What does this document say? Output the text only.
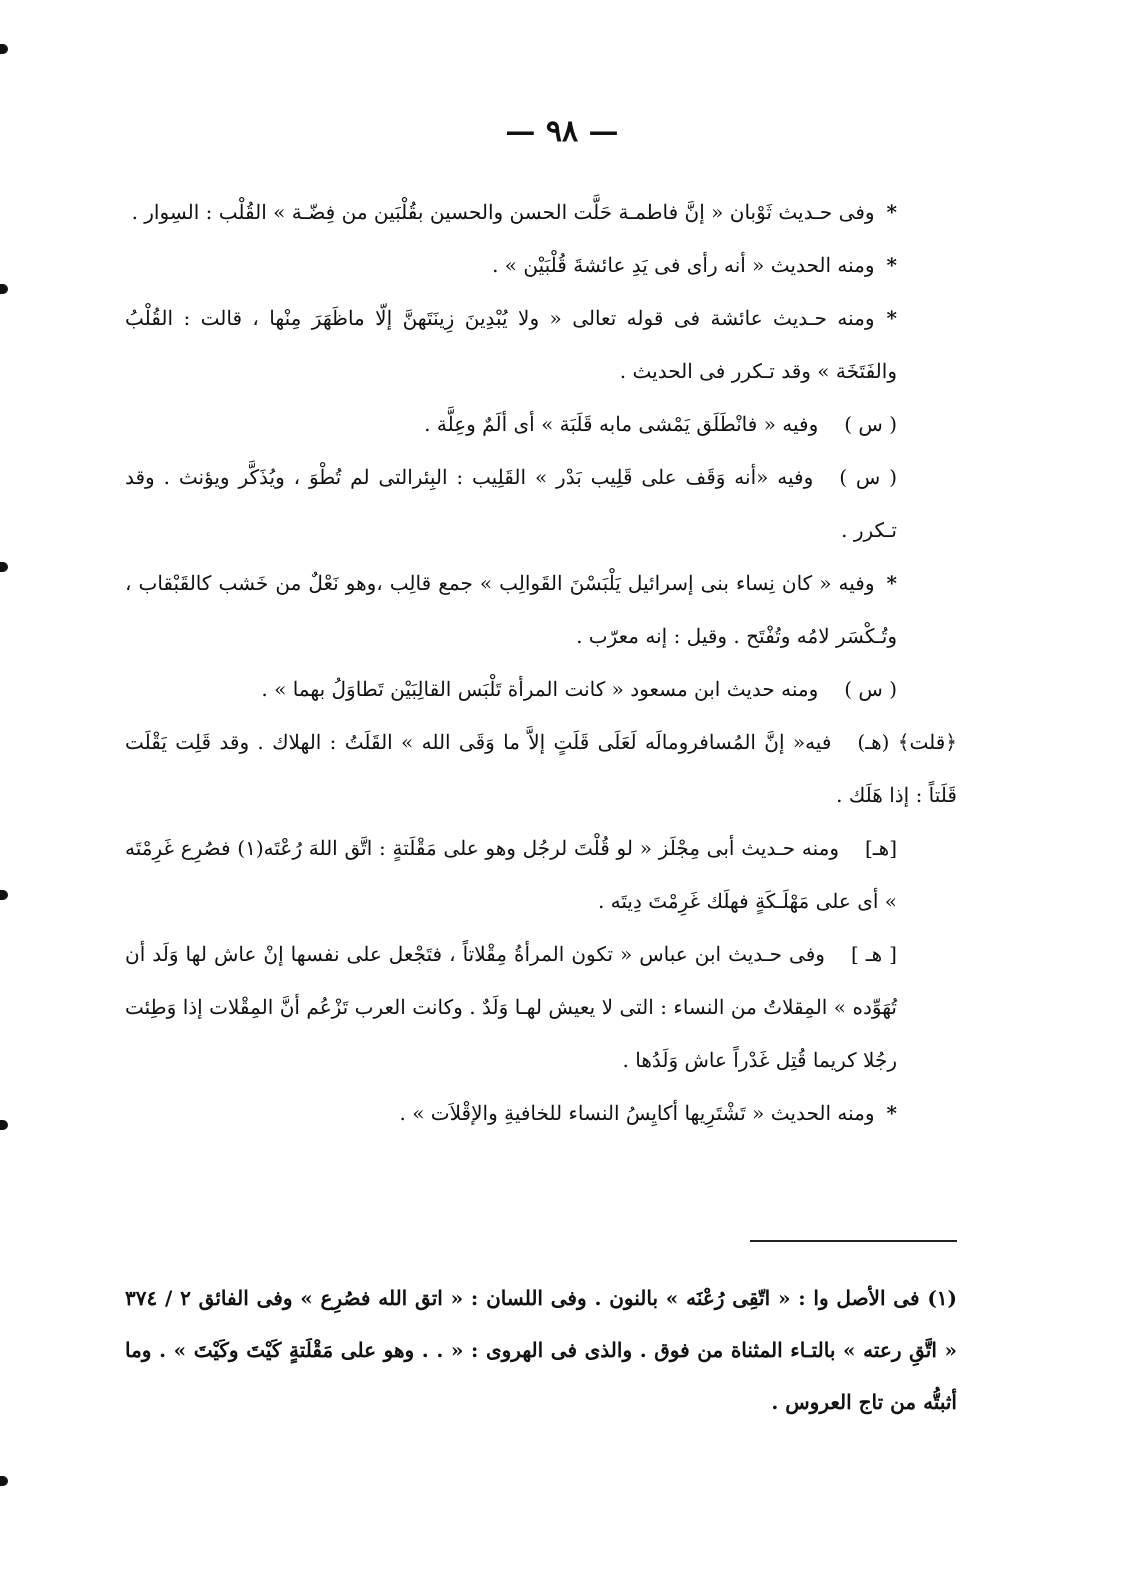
— ٩٨ —

*وفى حـديث ثَوْبان « إنَّ فاطمـة حَلَّت الحسن والحسين بقُلْبَين من فِضّـة » القُلْب : السِوار .

*ومنه الحديث « أنه رأى فى يَدِ عائشةَ قُلْبَيْن » .

*ومنه حـديث عائشة فى قوله تعالى « ولا يُبْدِينَ زِينَتَهنَّ إلّا ماظَهَرَ مِنْها ، قالت : القُلْبُ والفَتَخَة » وقد تـكرر فى الحديث .

( س )وفيه « فانْطَلَق يَمْشى مابه قَلَبَة » أى ألَمٌ وعِلَّة .

( س )وفيه «أنه وَقَف على قَلِيب بَدْر » القَلِيب : البِئرالتى لم تُطْوَ ، ويُذَكَّر ويؤنث . وقد تـكرر .

*وفيه « كان نِساء بنى إسرائيل يَلْبَسْنَ القَوالِب » جمع قالِب ،وهو نَعْلٌ من خَشب كالقَبْقاب ، وتُـكْسَر لامُه وتُفْتَح . وقيل : إنه معرّب .

( س )ومنه حديث ابن مسعود « كانت المرأة تَلْبَس القالِبَيْن تَطاوَلُ بهما » .

﴿قلت﴾ (هـ)فيه« إنَّ المُسافرومالَه لَعَلَى قَلَتٍ إلاَّ ما وَقَى الله » القَلَتُ : الهلاك . وقد قَلِت يَقْلَت قَلَتاً : إذا هَلَك .

[هـ]ومنه حـديث أبى مِجْلَز « لو قُلْتَ لرجُل وهو على مَقْلَتةٍ : اتَّق اللهَ رُعْتَه(١) فصُرِع غَرِمْتَه » أى على مَهْلَـكَةٍ فهلَك غَرِمْتَ دِيتَه .

[ هـ ]وفى حـديث ابن عباس « تكون المرأةُ مِقْلاتاً ، فتَجْعل على نفسها إنْ عاش لها وَلَد أن تُهَوِّده » المِقلاتُ من النساء : التى لا يعيش لهـا وَلَدٌ . وكانت العرب تَزْعُم أنَّ المِقْلات إذا وَطِئت رجُلا كريما قُتِل غَدْراً عاش وَلَدُها .

*ومنه الحديث « تَشْتَرِيها أكايِسُ النساء للخافيةِ والإقْلاَت » .

(١) فى الأصل وا : « اتّقِى رُعْنَه » بالنون . وفى اللسان : « اتق الله فصُرِع » وفى الفائق ٢ / ٣٧٤ « اتَّقِ رعته » بالتـاء المثناة من فوق . والذى فى الهروى : « . . وهو على مَقْلَتةٍ كَيْتَ وكَيْتَ » . وما أثبتُّه من تاج العروس .
